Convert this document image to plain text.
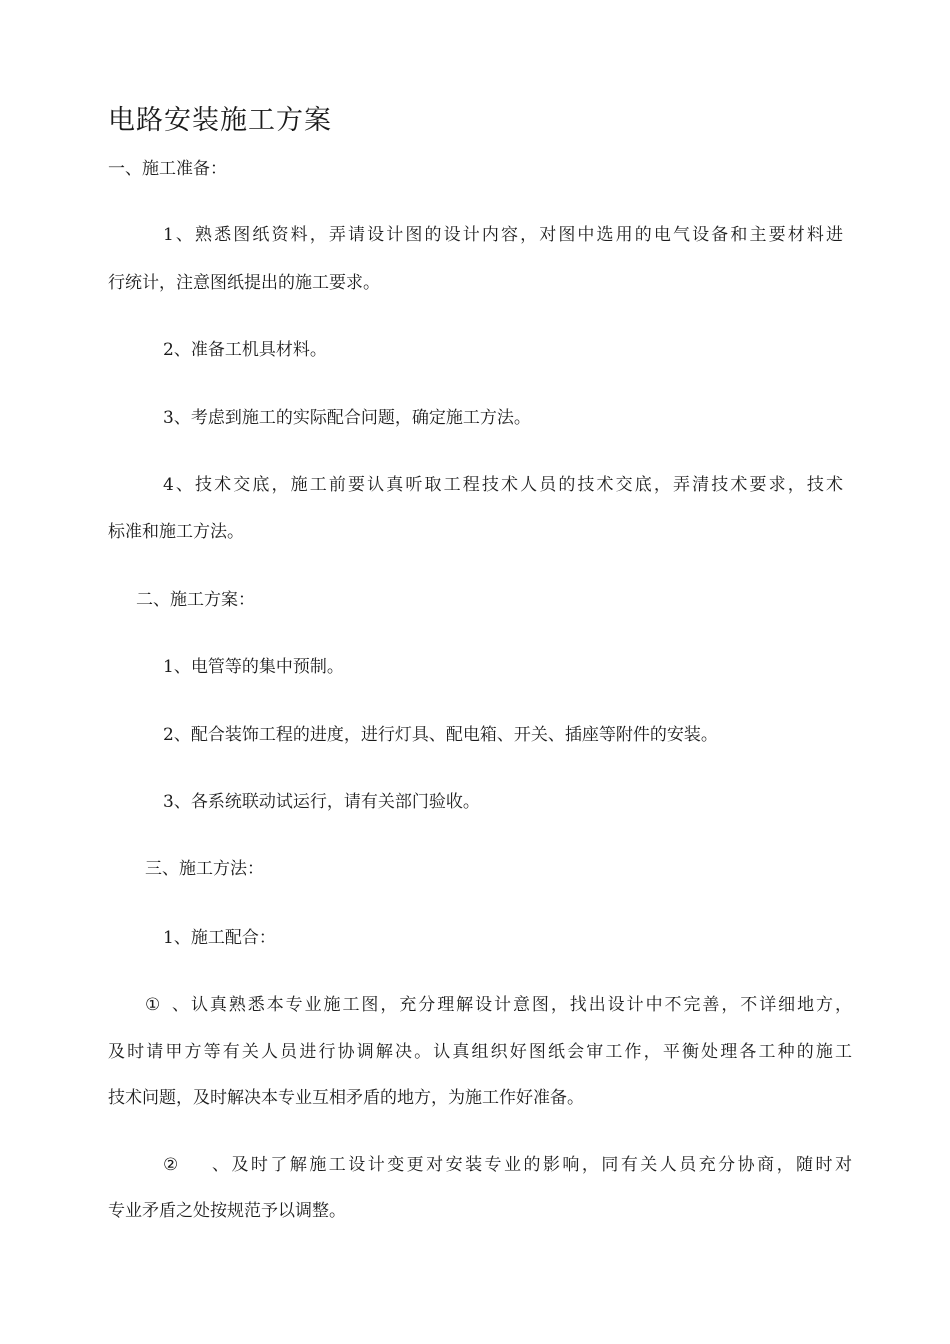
电路安装施工方案
一、施工准备：
1、熟悉图纸资料，弄请设计图的设计内容，对图中选用的电气设备和主要材料进
行统计，注意图纸提出的施工要求。
2、准备工机具材料。
3、考虑到施工的实际配合问题，确定施工方法。
4、技术交底，施工前要认真听取工程技术人员的技术交底，弄清技术要求，技术
标准和施工方法。
二、施工方案：
1、电管等的集中预制。
2、配合装饰工程的进度，进行灯具、配电箱、开关、插座等附件的安装。
3、各系统联动试运行，请有关部门验收。
三、施工方法：
1、施工配合：
① 、认真熟悉本专业施工图，充分理解设计意图，找出设计中不完善，不详细地方，
及时请甲方等有关人员进行协调解决。认真组织好图纸会审工作，平衡处理各工种的施工
技术问题，及时解决本专业互相矛盾的地方，为施工作好准备。
② 、及时了解施工设计变更对安装专业的影响，同有关人员充分协商，随时对
专业矛盾之处按规范予以调整。
